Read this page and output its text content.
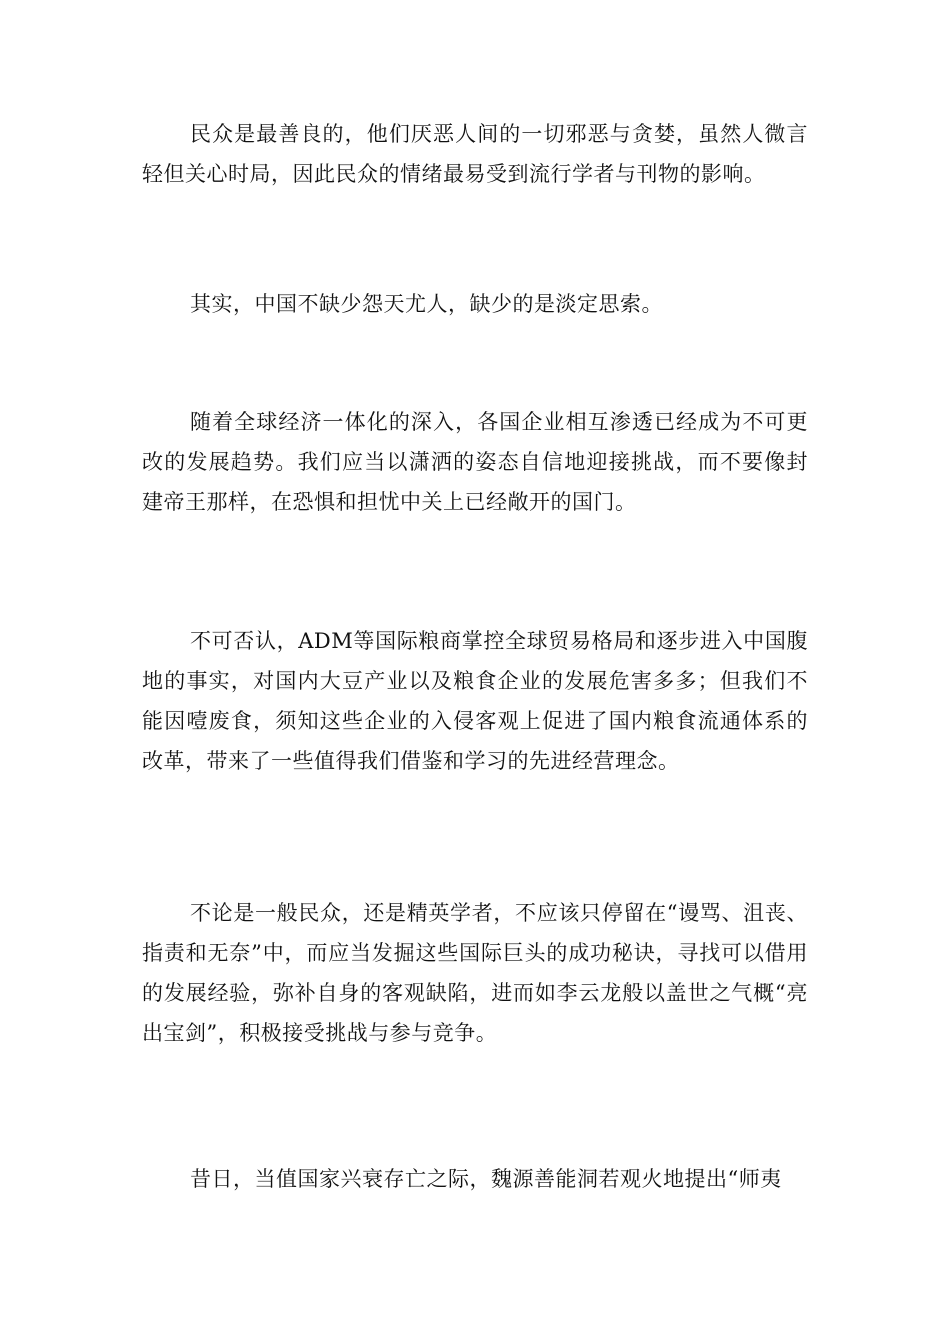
民众是最善良的，他们厌恶人间的一切邪恶与贪婪，虽然人微言轻但关心时局，因此民众的情绪最易受到流行学者与刊物的影响。

其实，中国不缺少怨天尤人，缺少的是淡定思索。

随着全球经济一体化的深入，各国企业相互渗透已经成为不可更改的发展趋势。我们应当以潇洒的姿态自信地迎接挑战，而不要像封建帝王那样，在恐惧和担忧中关上已经敞开的国门。

不可否认，ADM等国际粮商掌控全球贸易格局和逐步进入中国腹地的事实，对国内大豆产业以及粮食企业的发展危害多多；但我们不能因噎废食，须知这些企业的入侵客观上促进了国内粮食流通体系的改革，带来了一些值得我们借鉴和学习的先进经营理念。

不论是一般民众，还是精英学者，不应该只停留在“谩骂、沮丧、指责和无奈”中，而应当发掘这些国际巨头的成功秘诀，寻找可以借用的发展经验，弥补自身的客观缺陷，进而如李云龙般以盖世之气概“亮出宝剑”，积极接受挑战与参与竞争。

昔日，当值国家兴衰存亡之际，魏源善能洞若观火地提出“师夷
